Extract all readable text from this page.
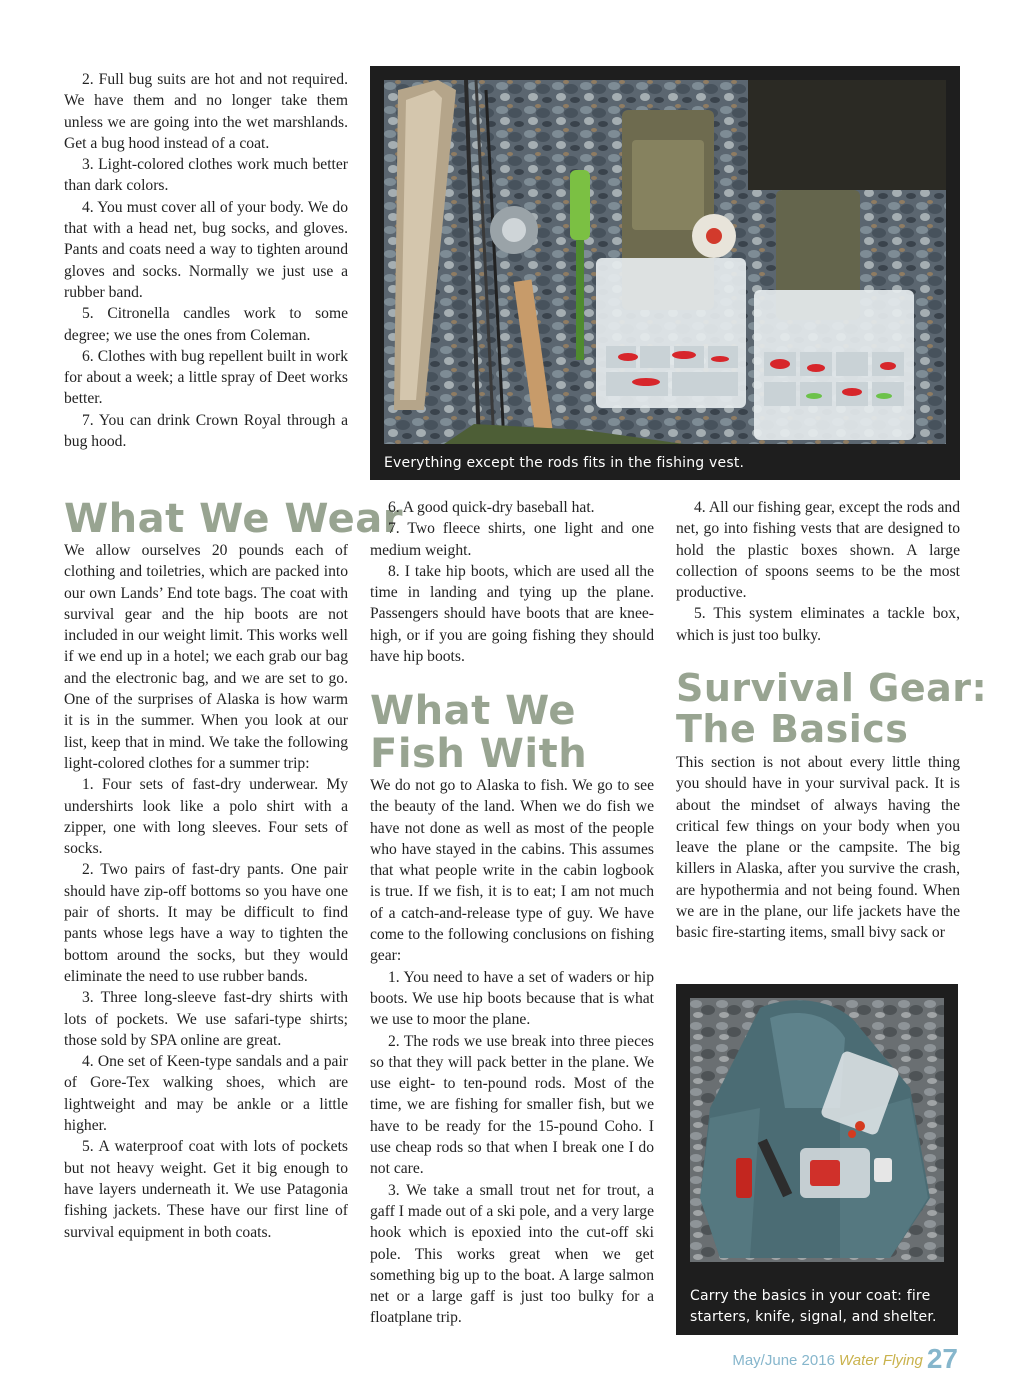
2. Full bug suits are hot and not required. We have them and no longer take them unless we are going into the wet marshlands. Get a bug hood instead of a coat.

3. Light-colored clothes work much better than dark colors.

4. You must cover all of your body. We do that with a head net, bug socks, and gloves. Pants and coats need a way to tighten around gloves and socks. Normally we just use a rubber band.

5. Citronella candles work to some degree; we use the ones from Coleman.

6. Clothes with bug repellent built in work for about a week; a little spray of Deet works better.

7. You can drink Crown Royal through a bug hood.

What We Wear

We allow ourselves 20 pounds each of clothing and toiletries, which are packed into our own Lands’ End tote bags. The coat with survival gear and the hip boots are not included in our weight limit. This works well if we end up in a hotel; we each grab our bag and the electronic bag, and we are set to go. One of the surprises of Alaska is how warm it is in the summer. When you look at our list, keep that in mind. We take the following light-colored clothes for a summer trip:

1. Four sets of fast-dry underwear. My undershirts look like a polo shirt with a zipper, one with long sleeves. Four sets of socks.

2. Two pairs of fast-dry pants. One pair should have zip-off bottoms so you have one pair of shorts. It may be difficult to find pants whose legs have a way to tighten the bottom around the socks, but they would eliminate the need to use rubber bands.

3. Three long-sleeve fast-dry shirts with lots of pockets. We use safari-type shirts; those sold by SPA online are great.

4. One set of Keen-type sandals and a pair of Gore-Tex walking shoes, which are lightweight and may be ankle or a little higher.

5. A waterproof coat with lots of pockets but not heavy weight. Get it big enough to have layers underneath it. We use Patagonia fishing jackets. These have our first line of survival equipment in both coats.

Everything except the rods fits in the fishing vest.

6. A good quick-dry baseball hat.

7. Two fleece shirts, one light and one medium weight.

8. I take hip boots, which are used all the time in landing and tying up the plane. Passengers should have boots that are knee-high, or if you are going fishing they should have hip boots.

What We
Fish With

We do not go to Alaska to fish. We go to see the beauty of the land. When we do fish we have not done as well as most of the people who have stayed in the cabins. This assumes that what people write in the cabin logbook is true. If we fish, it is to eat; I am not much of a catch-and-release type of guy. We have come to the following conclusions on fishing gear:

1. You need to have a set of waders or hip boots. We use hip boots because that is what we use to moor the plane.

2. The rods we use break into three pieces so that they will pack better in the plane. We use eight- to ten-pound rods. Most of the time, we are fishing for smaller fish, but we have to be ready for the 15-pound Coho. I use cheap rods so that when I break one I do not care.

3. We take a small trout net for trout, a gaff I made out of a ski pole, and a very large hook which is epoxied into the cut-off ski pole. This works great when we get something big up to the boat. A large salmon net or a large gaff is just too bulky for a floatplane trip.

4. All our fishing gear, except the rods and net, go into fishing vests that are designed to hold the plastic boxes shown. A large collection of spoons seems to be the most productive.

5. This system eliminates a tackle box, which is just too bulky.

Survival Gear:
The Basics

This section is not about every little thing you should have in your survival pack. It is about the mindset of always having the critical few things on your body when you leave the plane or the campsite. The big killers in Alaska, after you survive the crash, are hypothermia and not being found. When we are in the plane, our life jackets have the basic fire-starting items, small bivy sack or

Carry the basics in your coat: fire
starters, knife, signal, and shelter.
May/June 2016 Water Flying 27
